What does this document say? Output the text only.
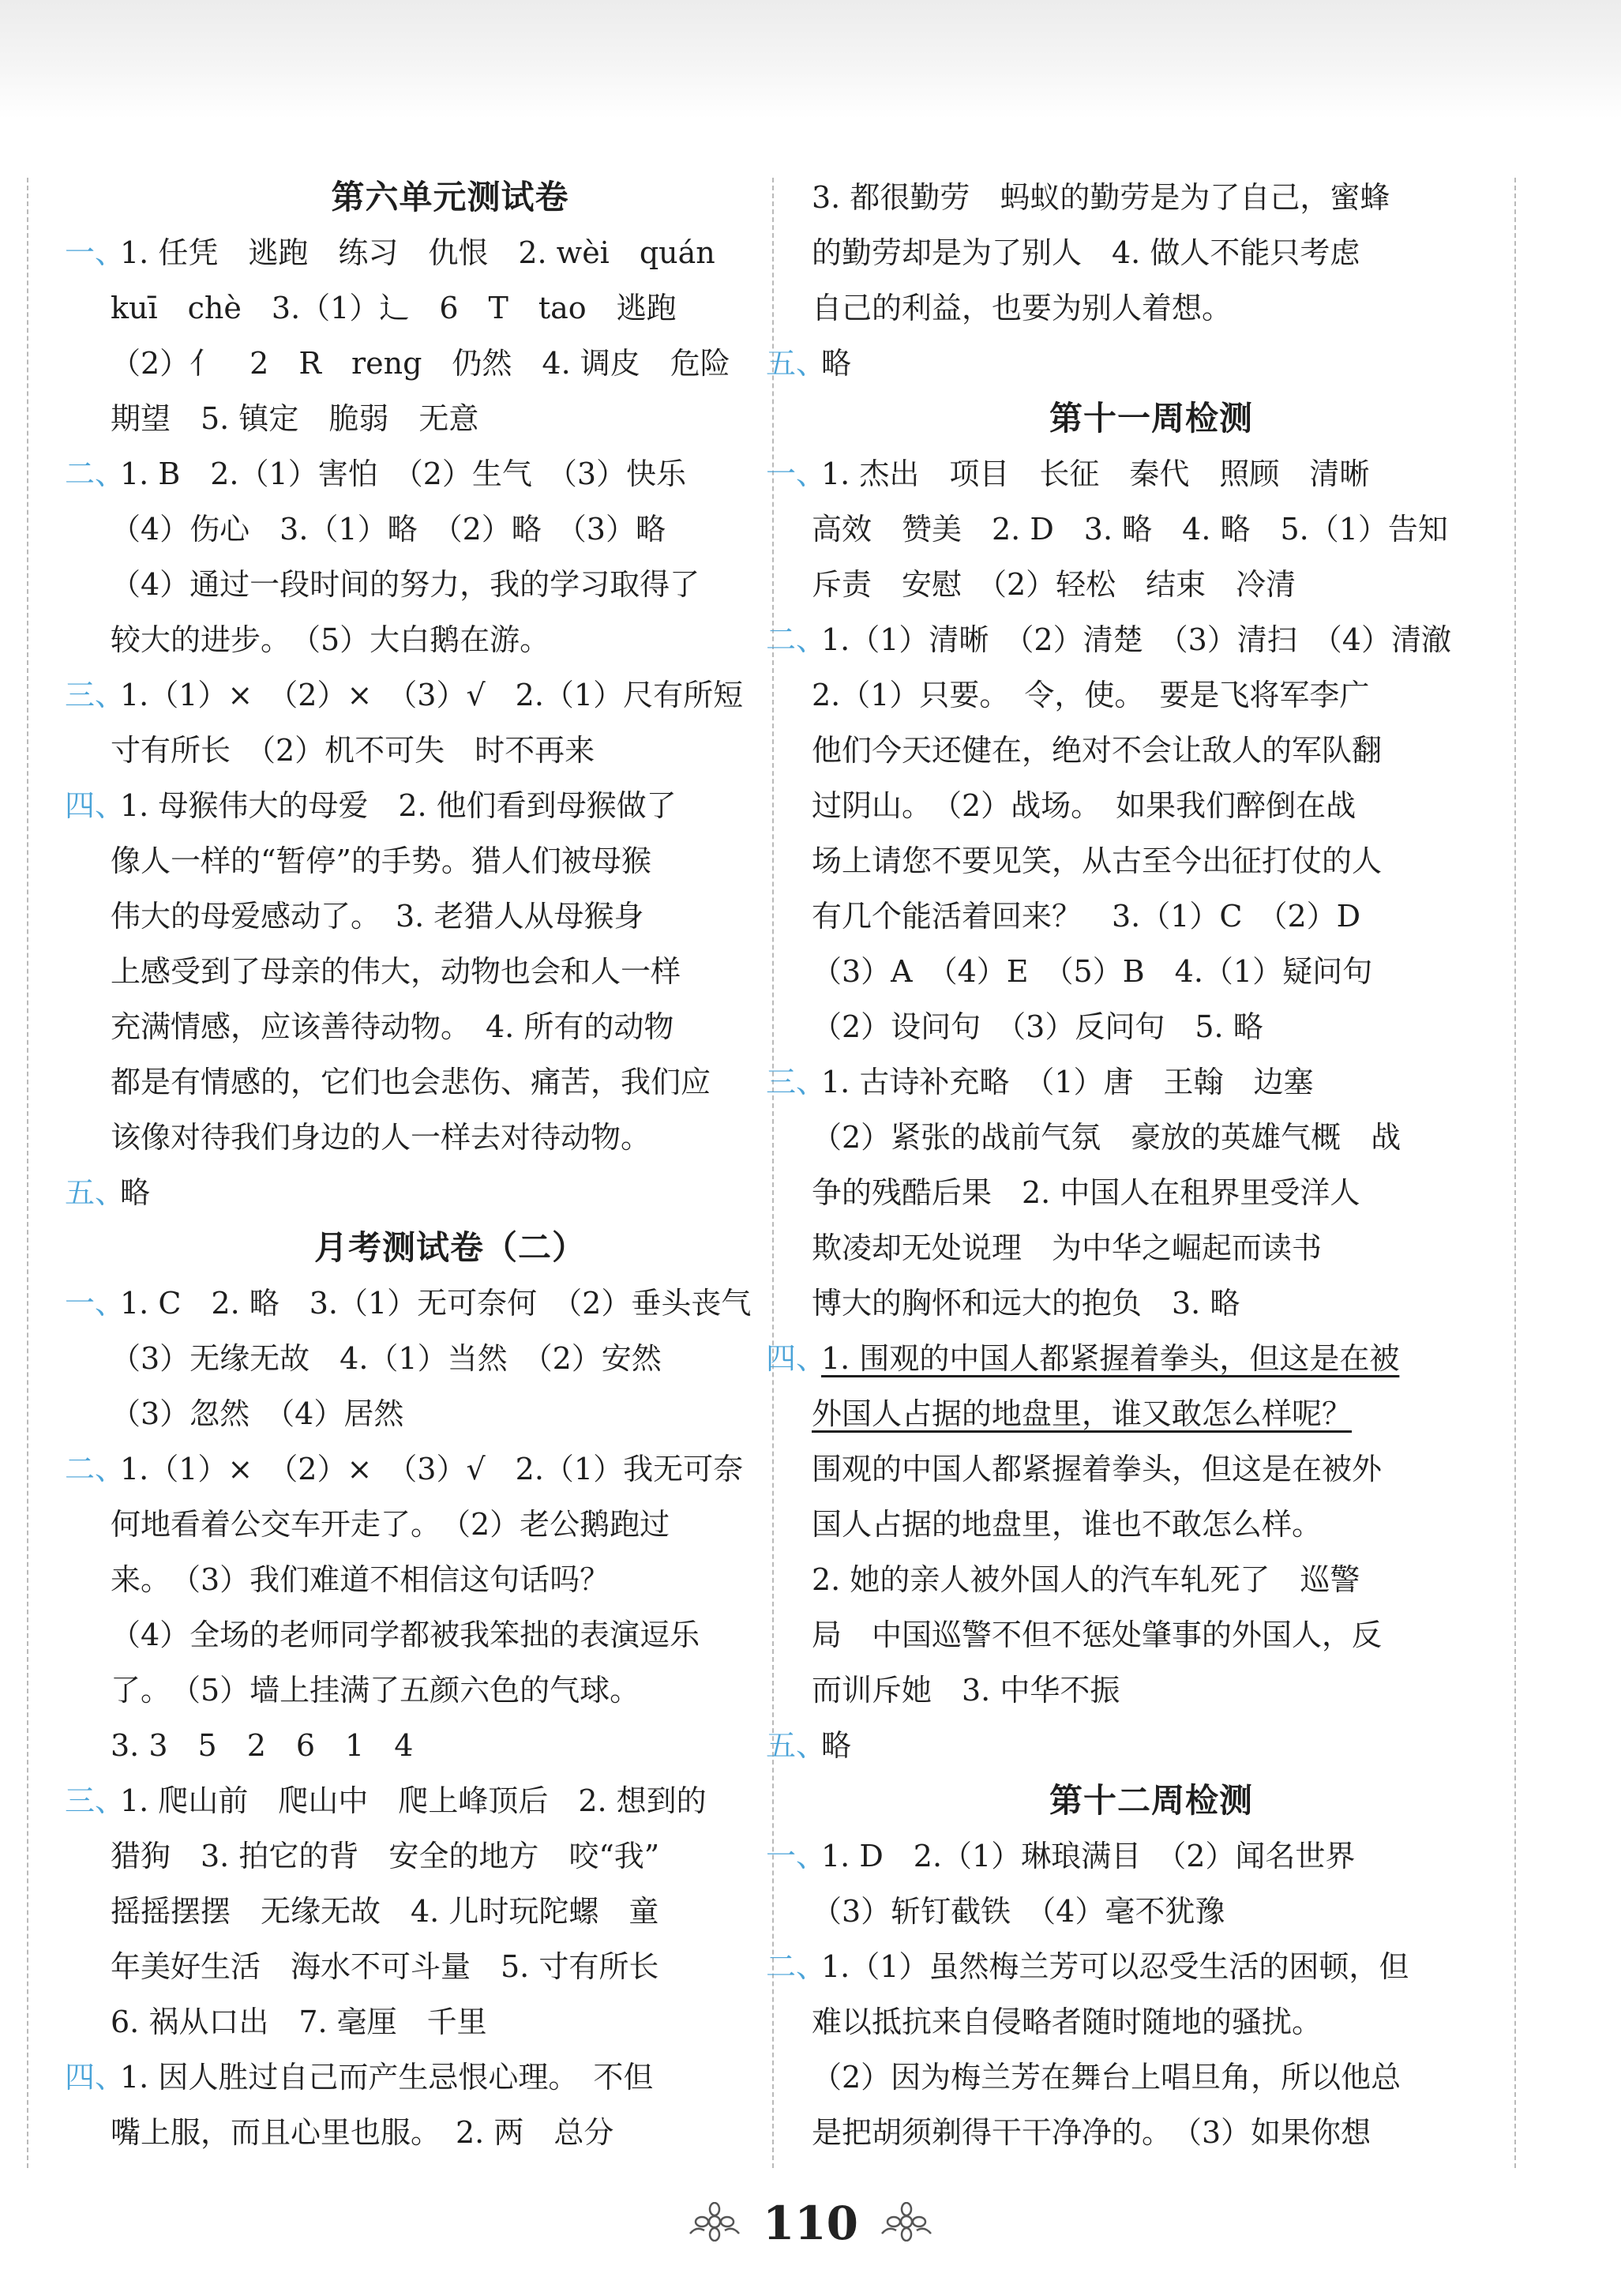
第六单元测试卷
一、1. 任凭　逃跑　练习　仇恨　2. wèi　quán
kuī　chè　3.（1）辶　6　T　tao　逃跑
（2）亻　2　R　reng　仍然　4. 调皮　危险
期望　5. 镇定　脆弱　无意
二、1. B　2.（1）害怕　（2）生气　（3）快乐
（4）伤心　3.（1）略　（2）略　（3）略
（4）通过一段时间的努力，我的学习取得了
较大的进步。　（5）大白鹅在游。
三、1.（1）×　（2）×　（3）√　2.（1）尺有所短
寸有所长　（2）机不可失　时不再来
四、1. 母猴伟大的母爱　2. 他们看到母猴做了
像人一样的“暂停”的手势。猎人们被母猴
伟大的母爱感动了。　3. 老猎人从母猴身
上感受到了母亲的伟大，动物也会和人一样
充满情感，应该善待动物。　4. 所有的动物
都是有情感的，它们也会悲伤、痛苦，我们应
该像对待我们身边的人一样去对待动物。
五、略
月考测试卷（二）
一、1. C　2. 略　3.（1）无可奈何　（2）垂头丧气
（3）无缘无故　4.（1）当然　（2）安然
（3）忽然　（4）居然
二、1.（1）×　（2）×　（3）√　2.（1）我无可奈
何地看着公交车开走了。　（2）老公鹅跑过
来。　（3）我们难道不相信这句话吗？
（4）全场的老师同学都被我笨拙的表演逗乐
了。　（5）墙上挂满了五颜六色的气球。
3. 3　5　2　6　1　4
三、1. 爬山前　爬山中　爬上峰顶后　2. 想到的
猎狗　3. 拍它的背　安全的地方　咬“我”
摇摇摆摆　无缘无故　4. 儿时玩陀螺　童
年美好生活　海水不可斗量　5. 寸有所长
6. 祸从口出　7. 毫厘　千里
四、1. 因人胜过自己而产生忌恨心理。　不但
嘴上服，而且心里也服。　2. 两　总分
3. 都很勤劳　蚂蚁的勤劳是为了自己，蜜蜂
的勤劳却是为了别人　4. 做人不能只考虑
自己的利益，也要为别人着想。
五、略
第十一周检测
一、1. 杰出　项目　长征　秦代　照顾　清晰
高效　赞美　2. D　3. 略　4. 略　5.（1）告知
斥责　安慰　（2）轻松　结束　冷清
二、1.（1）清晰　（2）清楚　（3）清扫　（4）清澈
2.（1）只要。　令，使。　要是飞将军李广
他们今天还健在，绝对不会让敌人的军队翻
过阴山。　（2）战场。　如果我们醉倒在战
场上请您不要见笑，从古至今出征打仗的人
有几个能活着回来？　3.（1）C　（2）D
（3）A　（4）E　（5）B　4.（1）疑问句
（2）设问句　（3）反问句　5. 略
三、1. 古诗补充略　（1）唐　王翰　边塞
（2）紧张的战前气氛　豪放的英雄气概　战
争的残酷后果　2. 中国人在租界里受洋人
欺凌却无处说理　为中华之崛起而读书
博大的胸怀和远大的抱负　3. 略
四、1. 围观的中国人都紧握着拳头，但这是在被
外国人占据的地盘里，谁又敢怎么样呢？
围观的中国人都紧握着拳头，但这是在被外
国人占据的地盘里，谁也不敢怎么样。
2. 她的亲人被外国人的汽车轧死了　巡警
局　中国巡警不但不惩处肇事的外国人，反
而训斥她　3. 中华不振
五、略
第十二周检测
一、1. D　2.（1）琳琅满目　（2）闻名世界
（3）斩钉截铁　（4）毫不犹豫
二、1.（1）虽然梅兰芳可以忍受生活的困顿，但
难以抵抗来自侵略者随时随地的骚扰。
（2）因为梅兰芳在舞台上唱旦角，所以他总
是把胡须剃得干干净净的。　（3）如果你想
110
